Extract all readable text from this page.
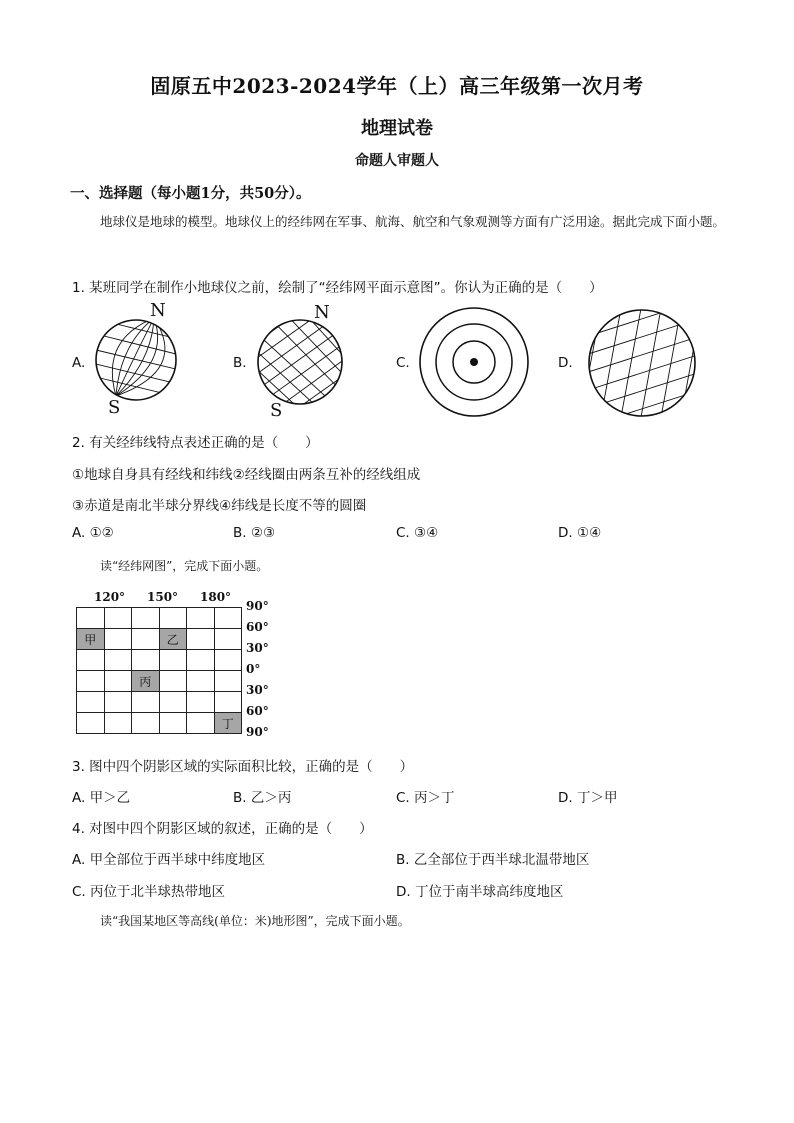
固原五中2023-2024学年（上）高三年级第一次月考
地理试卷
命题人审题人
一、选择题（每小题1分，共50分）。
地球仪是地球的模型。地球仪上的经纬网在军事、航海、航空和气象观测等方面有广泛用途。据此完成下面小题。
1. 某班同学在制作小地球仪之前，绘制了“经纬网平面示意图”。你认为正确的是（　　）
A.	B.	C.	D.
N
S
N
S
2. 有关经纬线特点表述正确的是（　　）
①地球自身具有经线和纬线②经线圈由两条互补的经线组成
③赤道是南北半球分界线④纬线是长度不等的圆圈
A. ①②	B. ②③	C. ③④	D. ①④
读“经纬网图”，完成下面小题。
120° 150° 180°

甲			乙		

		丙			

					丁
90°
60°
30°
0°
30°
60°
90°
3. 图中四个阴影区域的实际面积比较，正确的是（　　）
A. 甲＞乙	B. 乙＞丙	C. 丙＞丁	D. 丁＞甲
4. 对图中四个阴影区域的叙述，正确的是（　　）
A. 甲全部位于西半球中纬度地区	B. 乙全部位于西半球北温带地区
C. 丙位于北半球热带地区	D. 丁位于南半球高纬度地区
读“我国某地区等高线(单位：米)地形图”，完成下面小题。
